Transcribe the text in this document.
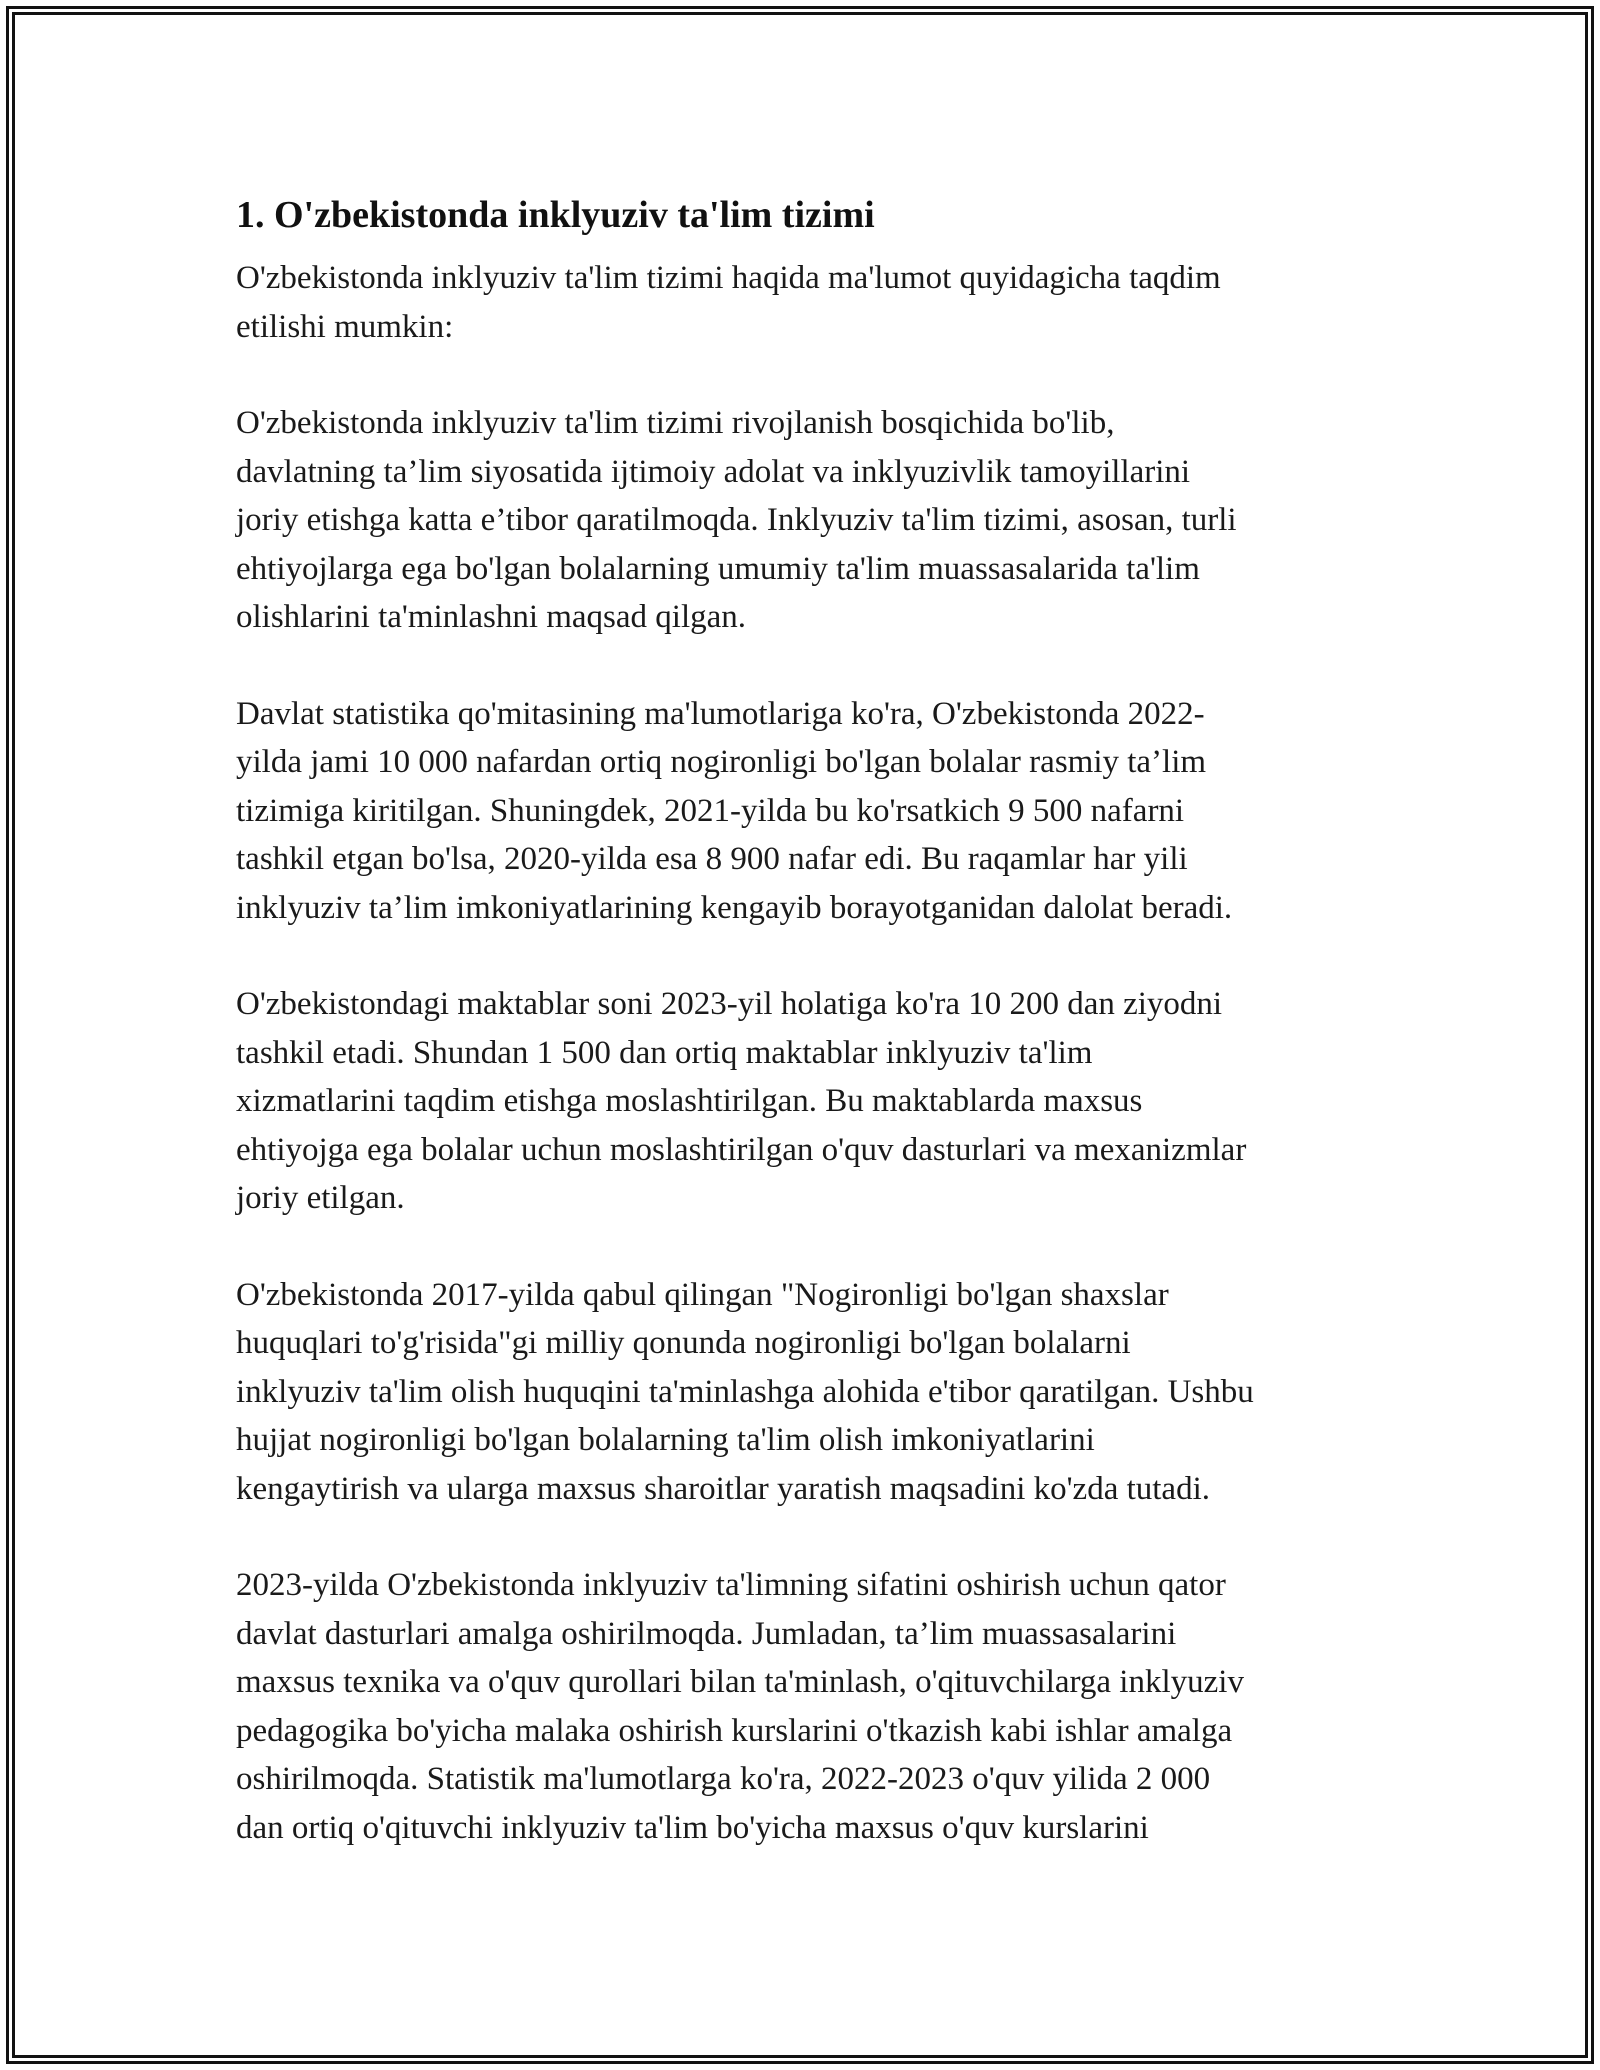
1. O'zbekistonda inklyuziv ta'lim tizimi

O'zbekistonda inklyuziv ta'lim tizimi haqida ma'lumot quyidagicha taqdim
etilishi mumkin:

O'zbekistonda inklyuziv ta'lim tizimi rivojlanish bosqichida bo'lib,
davlatning ta’lim siyosatida ijtimoiy adolat va inklyuzivlik tamoyillarini
joriy etishga katta e’tibor qaratilmoqda. Inklyuziv ta'lim tizimi, asosan, turli
ehtiyojlarga ega bo'lgan bolalarning umumiy ta'lim muassasalarida ta'lim
olishlarini ta'minlashni maqsad qilgan.

Davlat statistika qo'mitasining ma'lumotlariga ko'ra, O'zbekistonda 2022-
yilda jami 10 000 nafardan ortiq nogironligi bo'lgan bolalar rasmiy ta’lim
tizimiga kiritilgan. Shuningdek, 2021-yilda bu ko'rsatkich 9 500 nafarni
tashkil etgan bo'lsa, 2020-yilda esa 8 900 nafar edi. Bu raqamlar har yili
inklyuziv ta’lim imkoniyatlarining kengayib borayotganidan dalolat beradi.

O'zbekistondagi maktablar soni 2023-yil holatiga ko'ra 10 200 dan ziyodni
tashkil etadi. Shundan 1 500 dan ortiq maktablar inklyuziv ta'lim
xizmatlarini taqdim etishga moslashtirilgan. Bu maktablarda maxsus
ehtiyojga ega bolalar uchun moslashtirilgan o'quv dasturlari va mexanizmlar
joriy etilgan.

O'zbekistonda 2017-yilda qabul qilingan "Nogironligi bo'lgan shaxslar
huquqlari to'g'risida"gi milliy qonunda nogironligi bo'lgan bolalarni
inklyuziv ta'lim olish huquqini ta'minlashga alohida e'tibor qaratilgan. Ushbu
hujjat nogironligi bo'lgan bolalarning ta'lim olish imkoniyatlarini
kengaytirish va ularga maxsus sharoitlar yaratish maqsadini ko'zda tutadi.

2023-yilda O'zbekistonda inklyuziv ta'limning sifatini oshirish uchun qator
davlat dasturlari amalga oshirilmoqda. Jumladan, ta’lim muassasalarini
maxsus texnika va o'quv qurollari bilan ta'minlash, o'qituvchilarga inklyuziv
pedagogika bo'yicha malaka oshirish kurslarini o'tkazish kabi ishlar amalga
oshirilmoqda. Statistik ma'lumotlarga ko'ra, 2022-2023 o'quv yilida 2 000
dan ortiq o'qituvchi inklyuziv ta'lim bo'yicha maxsus o'quv kurslarini
